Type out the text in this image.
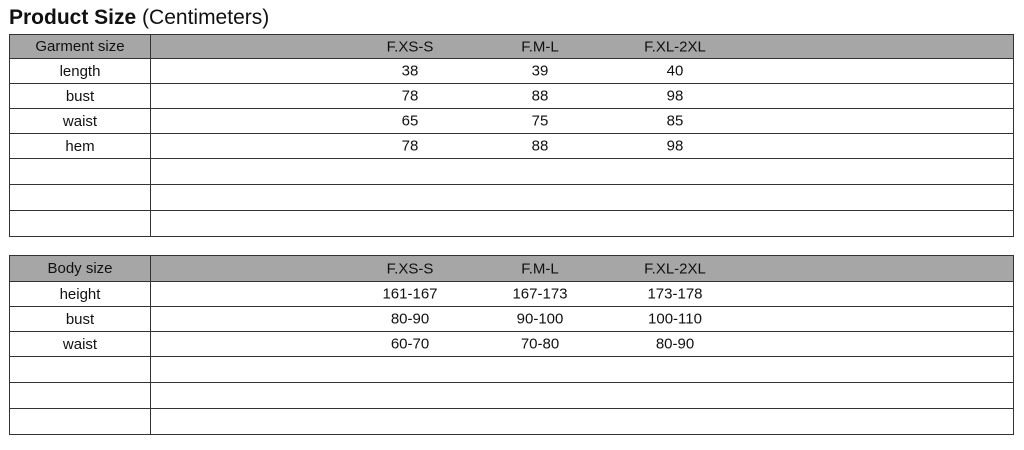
Product Size (Centimeters)
Garment size	F.XS-S F.M-L F.XL-2XL

length	38 39 40

bust	78 88 98

waist	65 75 85

hem	78 88 98

Body size	F.XS-S F.M-L F.XL-2XL

height	161-167 167-173 173-178

bust	80-90 90-100 100-110

waist	60-70 70-80 80-90
